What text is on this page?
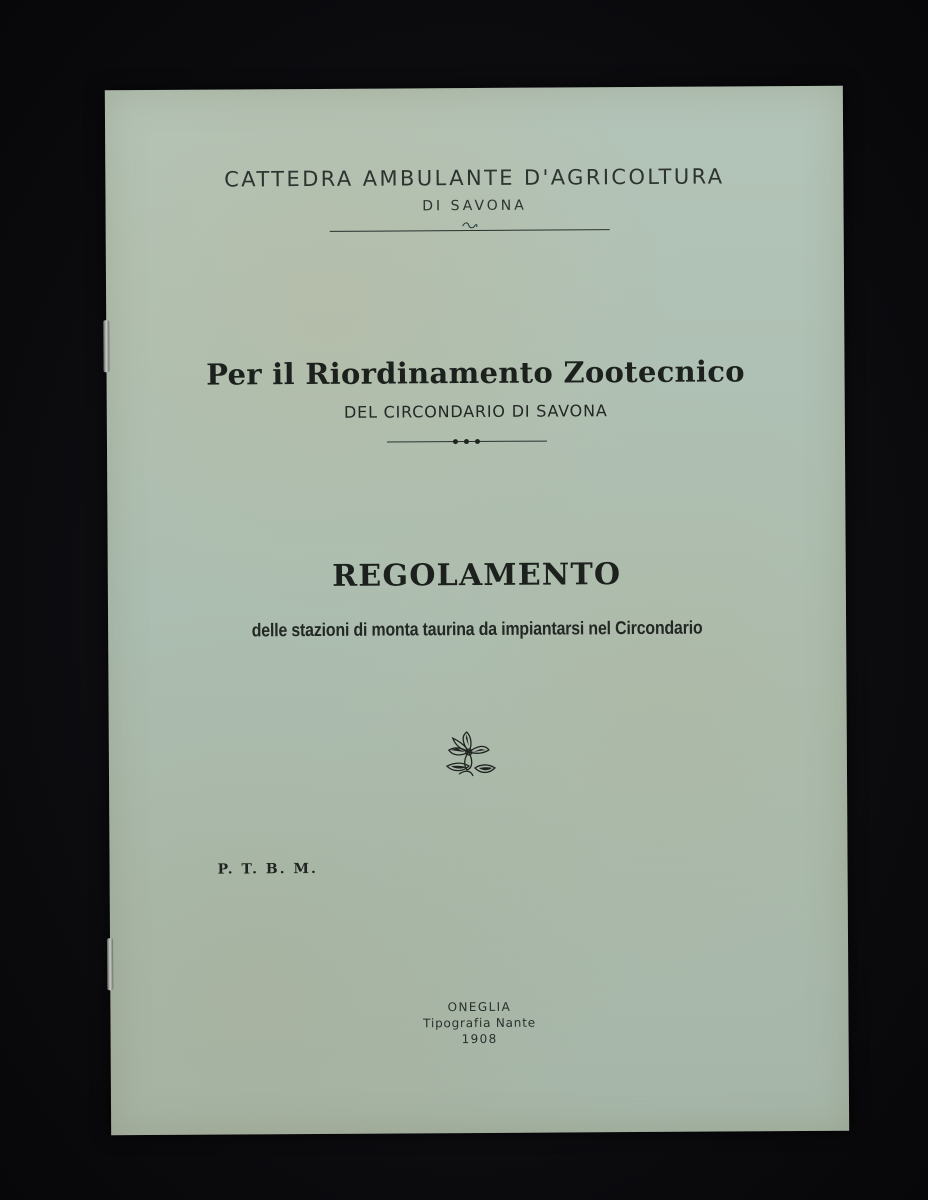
CATTEDRA AMBULANTE D'AGRICOLTURA
DI SAVONA
Per il Riordinamento Zootecnico
DEL CIRCONDARIO DI SAVONA
REGOLAMENTO
delle stazioni di monta taurina da impiantarsi nel Circondario
P. T. B. M.
ONEGLIA
Tipografia Nante
1908
